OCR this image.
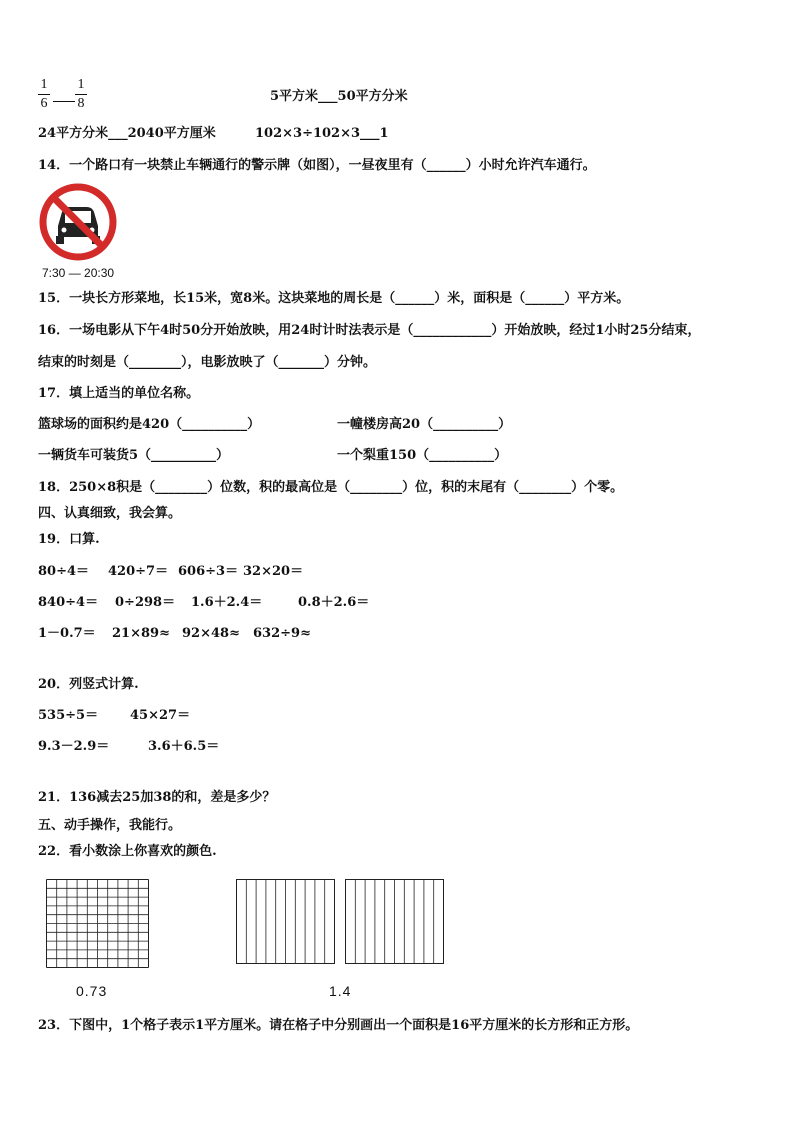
1
6
1
8	5平方米___50平方分米
24平方分米___2040平方厘米	102×3÷102×3___1
14．一个路口有一块禁止车辆通行的警示牌（如图），一昼夜里有（______）小时允许汽车通行。
7:30 — 20:30
15．一块长方形菜地，长15米，宽8米。这块菜地的周长是（______）米，面积是（______）平方米。
16．一场电影从下午4时50分开始放映，用24时计时法表示是（____________）开始放映，经过1小时25分结束，
结束的时刻是（________），电影放映了（_______）分钟。
17．填上适当的单位名称。
篮球场的面积约是420（__________）	一幢楼房高20（__________）
一辆货车可装货5（__________）	一个梨重150（__________）
18．250×8积是（________）位数，积的最高位是（________）位，积的末尾有（________）个零。
四、认真细致，我会算。
19．口算.
80÷4＝ 420÷7＝ 606÷3＝ 32×20＝
840÷4＝ 0÷298＝ 1.6＋2.4＝	0.8＋2.6＝
1－0.7＝ 21×89≈ 92×48≈ 632÷9≈
20．列竖式计算.
535÷5＝ 45×27＝
9.3－2.9＝	3.6＋6.5＝
21．136减去25加38的和，差是多少？
五、动手操作，我能行。
22．看小数涂上你喜欢的颜色.
0.73	1.4
23．下图中，1个格子表示1平方厘米。请在格子中分别画出一个面积是16平方厘米的长方形和正方形。
